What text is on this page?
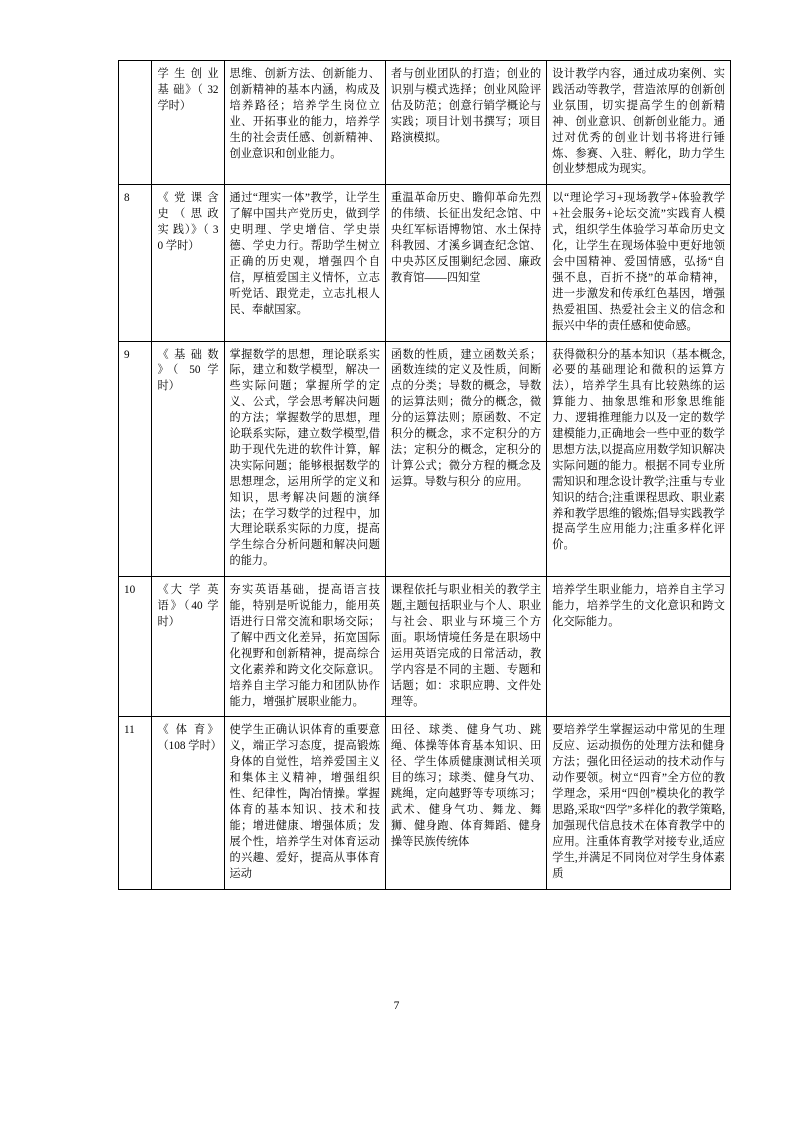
	学 生 创 业 基 础》（ 32 学时）	思维、创新方法、创新能力、创新精神的基本内涵，构成及培养路径；培养学生岗位立业、开拓事业的能力，培养学生的社会责任感、创新精神、创业意识和创业能力。	者与创业团队的打造；创业的识别与模式选择；创业风险评估及防范；创意行销学概论与实践；项目计划书撰写；项目路演模拟。	设计教学内容，通过成功案例、实践活动等教学，营造浓厚的创新创业氛围，切实提高学生的创新精神、创业意识、创新创业能力。通过对优秀的创业计划书将进行锤炼、参赛、入驻、孵化，助力学生创业梦想成为现实。
8	《 党 课 含 史 （ 思 政 实 践）》（ 30 学时）	通过“理实一体”教学，让学生了解中国共产党历史，做到学史明理、学史增信、学史崇德、学史力行。帮助学生树立正确的历史观，增强四个自信，厚植爱国主义情怀，立志听党话、跟党走，立志扎根人民、奉献国家。	重温革命历史、瞻仰革命先烈的伟绩、长征出发纪念馆、中央红军标语博物馆、水土保持科教园、才溪乡调查纪念馆、中央苏区反围剿纪念园、廉政教育馆——四知堂	以“理论学习+现场教学+体验教学+社会服务+论坛交流”实践育人模式，组织学生体验学习革命历史文化，让学生在现场体验中更好地领会中国精神、爱国情感，弘扬“自强不息，百折不挠”的革命精神，进一步激发和传承红色基因，增强热爱祖国、热爱社会主义的信念和振兴中华的责任感和使命感。
9	《 基 础 数 》（ 50 学时）	掌握数学的思想，理论联系实际，建立和数学模型，解决一些实际问题；掌握所学的定义、公式，学会思考解决问题的方法；掌握数学的思想，理论联系实际，建立数学模型,借助于现代先进的软件计算，解决实际问题；能够根据数学的思想理念，运用所学的定义和知识，思考解决问题的演绎法；在学习数学的过程中，加大理论联系实际的力度，提高学生综合分析问题和解决问题的能力。	函数的性质，建立函数关系；函数连续的定义及性质，间断点的分类；导数的概念，导数的运算法则；微分的概念，微分的运算法则；原函数、不定积分的概念，求不定积分的方法；定积分的概念，定积分的计算公式；微分方程的概念及运算。导数与积分 的应用。	获得微积分的基本知识（基本概念,必要的基础理论和微积的运算方法），培养学生具有比较熟练的运算能力、抽象思维和形象思维能力、逻辑推理能力以及一定的数学建模能力,正确地会一些中亚的数学思想方法,以提高应用数学知识解决实际问题的能力。根据不同专业所需知识和理念设计教学;注重与专业知识的结合;注重课程思政、职业素养和教学思维的锻炼;倡导实践教学提高学生应用能力;注重多样化评价。
10	《大 学 英 语》（40 学时）	夯实英语基础，提高语言技能，特别是听说能力，能用英语进行日常交流和职场交际；了解中西文化差异，拓宽国际化视野和创新精神，提高综合文化素养和跨文化交际意识。培养自主学习能力和团队协作能力，增强扩展职业能力。	课程依托与职业相关的教学主题,主题包括职业与个人、职业与社会、职业与环境三个方面。职场情境任务是在职场中运用英语完成的日常活动，教学内容是不同的主题、专题和话题；如：求职应聘、文件处理等。	培养学生职业能力，培养自主学习能力，培养学生的文化意识和跨文化交际能力。
11	《 体 育》（108 学时）	使学生正确认识体育的重要意义，端正学习态度，提高锻炼身体的自觉性，培养爱国主义和集体主义精神，增强组织性、纪律性，陶冶情操。掌握体育的基本知识、技术和技能；增进健康、增强体质；发展个性，培养学生对体育运动的兴趣、爱好，提高从事体育运动	田径、球类、健身气功、跳绳、体操等体育基本知识、田径、学生体质健康测试相关项目的练习；球类、健身气功、跳绳，定向越野等专项练习；武术、健身气功、舞龙、舞狮、健身跑、体育舞蹈、健身操等民族传统体	要培养学生掌握运动中常见的生理反应、运动损伤的处理方法和健身方法；强化田径运动的技术动作与动作要领。树立“四育”全方位的教学理念，采用“四创”模块化的教学思路,采取“四学”多样化的教学策略,加强现代信息技术在体育教学中的应用。注重体育教学对接专业,适应学生,并满足不同岗位对学生身体素质
7
